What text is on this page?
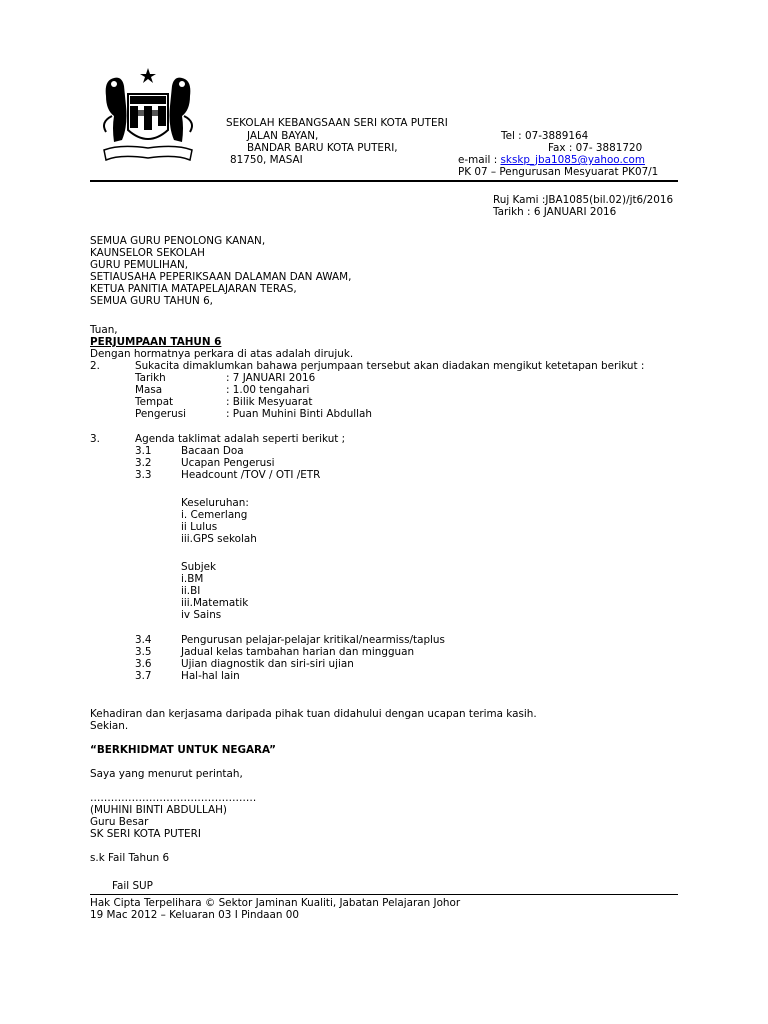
SEKOLAH KEBANGSAAN SERI KOTA PUTERI
JALAN BAYAN,
BANDAR BARU KOTA PUTERI,
81750, MASAI
Tel : 07-3889164
Fax : 07- 3881720
e-mail : skskp_jba1085@yahoo.com
PK 07 – Pengurusan Mesyuarat PK07/1
Ruj Kami :JBA1085(bil.02)/jt6/2016
Tarikh : 6 JANUARI 2016
SEMUA GURU PENOLONG KANAN,
KAUNSELOR SEKOLAH
GURU PEMULIHAN,
SETIAUSAHA PEPERIKSAAN DALAMAN DAN AWAM,
KETUA PANITIA MATAPELAJARAN TERAS,
SEMUA GURU TAHUN 6,
Tuan,
PERJUMPAAN TAHUN 6
Dengan hormatnya perkara di atas adalah dirujuk.
2.	Sukacita dimaklumkan bahawa perjumpaan tersebut akan diadakan mengikut ketetapan berikut :
Tarikh	: 7 JANUARI 2016
Masa	: 1.00 tengahari
Tempat	: Bilik Mesyuarat
Pengerusi	: Puan Muhini Binti Abdullah
3.	Agenda taklimat adalah seperti berikut ;
3.1	Bacaan Doa
3.2	Ucapan Pengerusi
3.3	Headcount /TOV / OTI /ETR
Keseluruhan:
i. Cemerlang
ii Lulus
iii.GPS sekolah
Subjek
i.BM
ii.BI
iii.Matematik
iv Sains
3.4	Pengurusan pelajar-pelajar kritikal/nearmiss/taplus
3.5	Jadual kelas tambahan harian dan mingguan
3.6	Ujian diagnostik dan siri-siri ujian
3.7	Hal-hal lain
Kehadiran dan kerjasama daripada pihak tuan didahului dengan ucapan terima kasih.
Sekian.
“BERKHIDMAT UNTUK NEGARA”
Saya yang menurut perintah,
…………………………………………
(MUHINI BINTI ABDULLAH)
Guru Besar
SK SERI KOTA PUTERI
s.k Fail Tahun 6
Fail SUP
Hak Cipta Terpelihara © Sektor Jaminan Kualiti, Jabatan Pelajaran Johor
19 Mac 2012 – Keluaran 03 I Pindaan 00
